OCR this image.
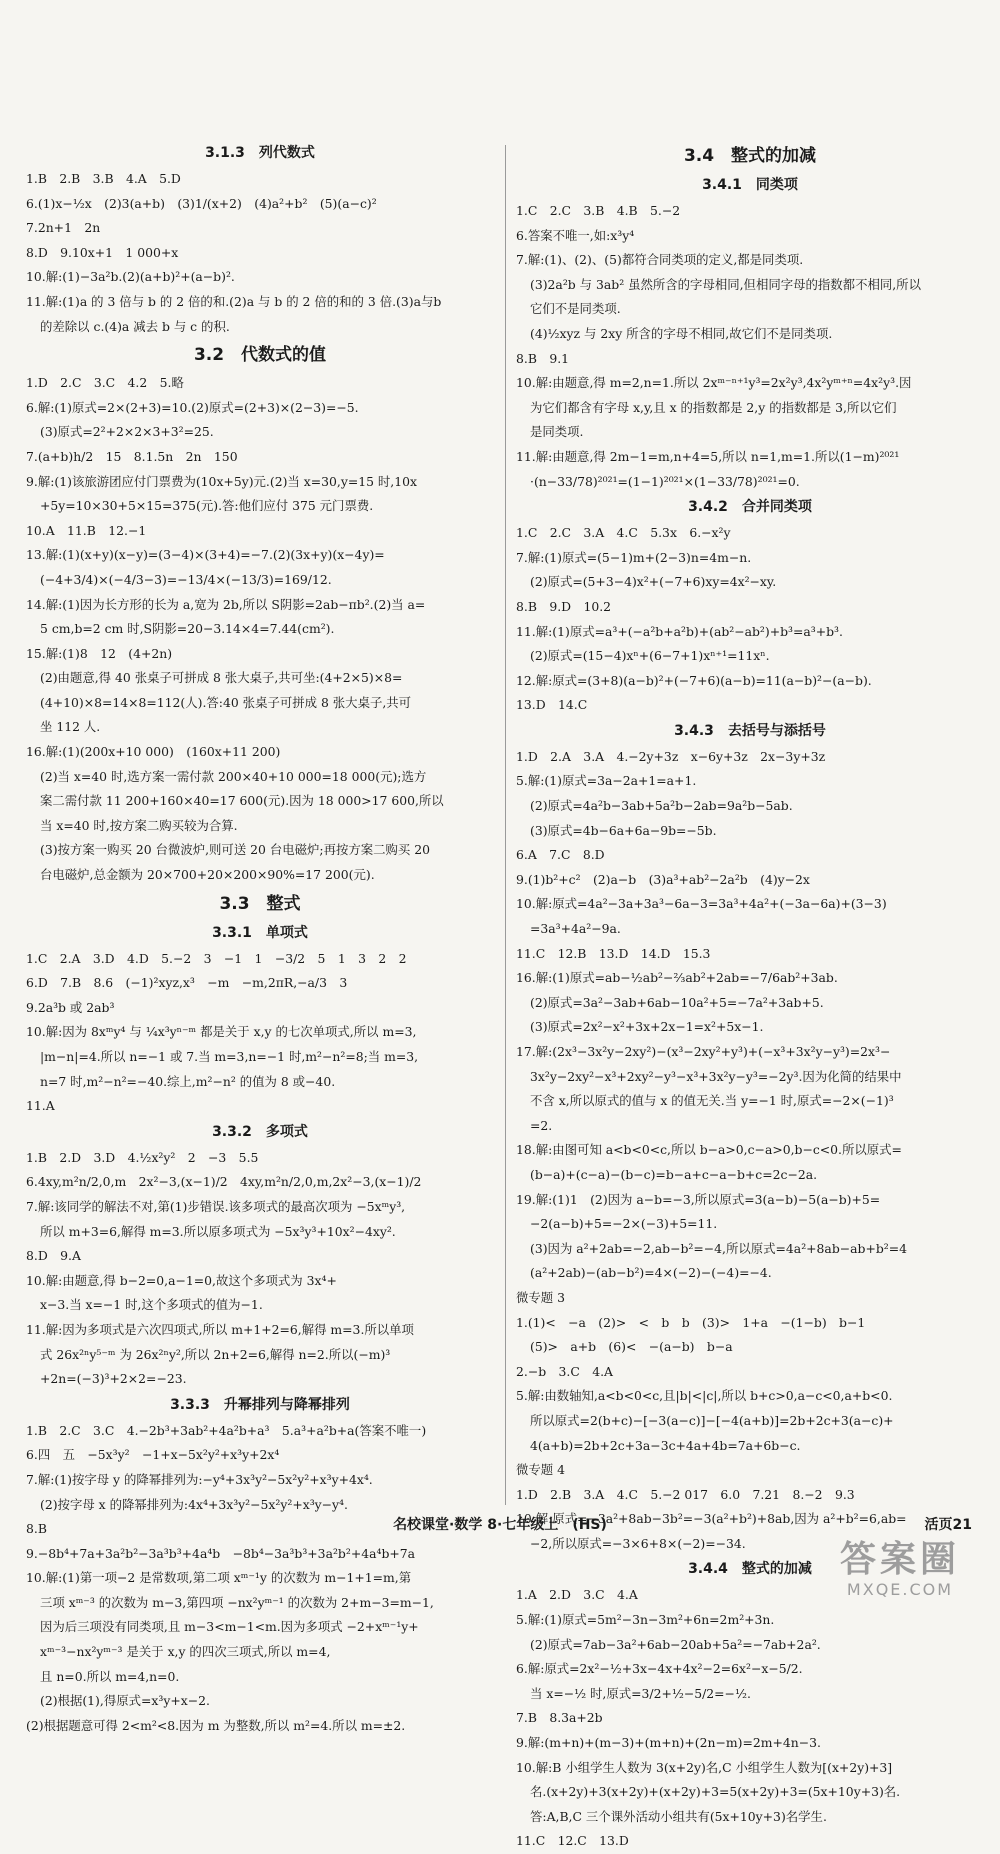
3.1.3　列代数式
1.B　2.B　3.B　4.A　5.D
6.(1)x−½x　(2)3(a+b)　(3)1/(x+2)　(4)a²+b²　(5)(a−c)²
7.2n+1　2n
8.D　9.10x+1　1 000+x
10.解:(1)−3a²b.(2)(a+b)²+(a−b)².
11.解:(1)a 的 3 倍与 b 的 2 倍的和.(2)a 与 b 的 2 倍的和的 3 倍.(3)a与b
的差除以 c.(4)a 减去 b 与 c 的积.
3.2　代数式的值
1.D　2.C　3.C　4.2　5.略
6.解:(1)原式=2×(2+3)=10.(2)原式=(2+3)×(2−3)=−5.
(3)原式=2²+2×2×3+3²=25.
7.(a+b)h/2　15　8.1.5n　2n　150
9.解:(1)该旅游团应付门票费为(10x+5y)元.(2)当 x=30,y=15 时,10x
+5y=10×30+5×15=375(元).答:他们应付 375 元门票费.
10.A　11.B　12.−1
13.解:(1)(x+y)(x−y)=(3−4)×(3+4)=−7.(2)(3x+y)(x−4y)=
(−4+3/4)×(−4/3−3)=−13/4×(−13/3)=169/12.
14.解:(1)因为长方形的长为 a,宽为 2b,所以 S阴影=2ab−πb².(2)当 a=
5 cm,b=2 cm 时,S阴影=20−3.14×4=7.44(cm²).
15.解:(1)8　12　(4+2n)
(2)由题意,得 40 张桌子可拼成 8 张大桌子,共可坐:(4+2×5)×8=
(4+10)×8=14×8=112(人).答:40 张桌子可拼成 8 张大桌子,共可
坐 112 人.
16.解:(1)(200x+10 000)　(160x+11 200)
(2)当 x=40 时,选方案一需付款 200×40+10 000=18 000(元);选方
案二需付款 11 200+160×40=17 600(元).因为 18 000>17 600,所以
当 x=40 时,按方案二购买较为合算.
(3)按方案一购买 20 台微波炉,则可送 20 台电磁炉;再按方案二购买 20
台电磁炉,总金额为 20×700+20×200×90%=17 200(元).
3.3　整式
3.3.1　单项式
1.C　2.A　3.D　4.D　5.−2　3　−1　1　−3/2　5　1　3　2　2
6.D　7.B　8.6　(−1)²xyz,x³　−m　−m,2πR,−a/3　3
9.2a³b 或 2ab³
10.解:因为 8xᵐy⁴ 与 ¼x³yⁿ⁻ᵐ 都是关于 x,y 的七次单项式,所以 m=3,
|m−n|=4.所以 n=−1 或 7.当 m=3,n=−1 时,m²−n²=8;当 m=3,
n=7 时,m²−n²=−40.综上,m²−n² 的值为 8 或−40.
11.A
3.3.2　多项式
1.B　2.D　3.D　4.½x²y²　2　−3　5.5
6.4xy,m²n/2,0,m　2x²−3,(x−1)/2　4xy,m²n/2,0,m,2x²−3,(x−1)/2
7.解:该同学的解法不对,第(1)步错误.该多项式的最高次项为 −5xᵐy³,
所以 m+3=6,解得 m=3.所以原多项式为 −5x³y³+10x²−4xy².
8.D　9.A
10.解:由题意,得 b−2=0,a−1=0,故这个多项式为 3x⁴+
x−3.当 x=−1 时,这个多项式的值为−1.
11.解:因为多项式是六次四项式,所以 m+1+2=6,解得 m=3.所以单项
式 26x²ⁿy⁵⁻ᵐ 为 26x²ⁿy²,所以 2n+2=6,解得 n=2.所以(−m)³
+2n=(−3)³+2×2=−23.
3.3.3　升幂排列与降幂排列
1.B　2.C　3.C　4.−2b³+3ab²+4a²b+a³　5.a³+a²b+a(答案不唯一)
6.四　五　−5x³y²　−1+x−5x²y²+x³y+2x⁴
7.解:(1)按字母 y 的降幂排列为:−y⁴+3x³y²−5x²y²+x³y+4x⁴.
(2)按字母 x 的降幂排列为:4x⁴+3x³y²−5x²y²+x³y−y⁴.
8.B
9.−8b⁴+7a+3a²b²−3a³b³+4a⁴b　−8b⁴−3a³b³+3a²b²+4a⁴b+7a
10.解:(1)第一项−2 是常数项,第二项 xᵐ⁻¹y 的次数为 m−1+1=m,第
三项 xᵐ⁻³ 的次数为 m−3,第四项 −nx²yᵐ⁻¹ 的次数为 2+m−3=m−1,
因为后三项没有同类项,且 m−3<m−1<m.因为多项式 −2+xᵐ⁻¹y+
xᵐ⁻³−nx²yᵐ⁻³ 是关于 x,y 的四次三项式,所以 m=4,
且 n=0.所以 m=4,n=0.
(2)根据(1),得原式=x³y+x−2.
(2)根据题意可得 2<m²<8.因为 m 为整数,所以 m²=4.所以 m=±2.
3.4　整式的加减
3.4.1　同类项
1.C　2.C　3.B　4.B　5.−2
6.答案不唯一,如:x³y⁴
7.解:(1)、(2)、(5)都符合同类项的定义,都是同类项.
(3)2a²b 与 3ab² 虽然所含的字母相同,但相同字母的指数都不相同,所以
它们不是同类项.
(4)½xyz 与 2xy 所含的字母不相同,故它们不是同类项.
8.B　9.1
10.解:由题意,得 m=2,n=1.所以 2xᵐ⁻ⁿ⁺¹y³=2x²y³,4x²yᵐ⁺ⁿ=4x²y³.因
为它们都含有字母 x,y,且 x 的指数都是 2,y 的指数都是 3,所以它们
是同类项.
11.解:由题意,得 2m−1=m,n+4=5,所以 n=1,m=1.所以(1−m)²⁰²¹
·(n−33/78)²⁰²¹=(1−1)²⁰²¹×(1−33/78)²⁰²¹=0.
3.4.2　合并同类项
1.C　2.C　3.A　4.C　5.3x　6.−x²y
7.解:(1)原式=(5−1)m+(2−3)n=4m−n.
(2)原式=(5+3−4)x²+(−7+6)xy=4x²−xy.
8.B　9.D　10.2
11.解:(1)原式=a³+(−a²b+a²b)+(ab²−ab²)+b³=a³+b³.
(2)原式=(15−4)xⁿ+(6−7+1)xⁿ⁺¹=11xⁿ.
12.解:原式=(3+8)(a−b)²+(−7+6)(a−b)=11(a−b)²−(a−b).
13.D　14.C
3.4.3　去括号与添括号
1.D　2.A　3.A　4.−2y+3z　x−6y+3z　2x−3y+3z
5.解:(1)原式=3a−2a+1=a+1.
(2)原式=4a²b−3ab+5a²b−2ab=9a²b−5ab.
(3)原式=4b−6a+6a−9b=−5b.
6.A　7.C　8.D
9.(1)b²+c²　(2)a−b　(3)a³+ab²−2a²b　(4)y−2x
10.解:原式=4a²−3a+3a³−6a−3=3a³+4a²+(−3a−6a)+(3−3)
=3a³+4a²−9a.
11.C　12.B　13.D　14.D　15.3
16.解:(1)原式=ab−½ab²−⅔ab²+2ab=−7/6ab²+3ab.
(2)原式=3a²−3ab+6ab−10a²+5=−7a²+3ab+5.
(3)原式=2x²−x²+3x+2x−1=x²+5x−1.
17.解:(2x³−3x²y−2xy²)−(x³−2xy²+y³)+(−x³+3x²y−y³)=2x³−
3x²y−2xy²−x³+2xy²−y³−x³+3x²y−y³=−2y³.因为化简的结果中
不含 x,所以原式的值与 x 的值无关.当 y=−1 时,原式=−2×(−1)³
=2.
18.解:由图可知 a<b<0<c,所以 b−a>0,c−a>0,b−c<0.所以原式=
(b−a)+(c−a)−(b−c)=b−a+c−a−b+c=2c−2a.
19.解:(1)1　(2)因为 a−b=−3,所以原式=3(a−b)−5(a−b)+5=
−2(a−b)+5=−2×(−3)+5=11.
(3)因为 a²+2ab=−2,ab−b²=−4,所以原式=4a²+8ab−ab+b²=4
(a²+2ab)−(ab−b²)=4×(−2)−(−4)=−4.
微专题 3
1.(1)<　−a　(2)>　<　b　b　(3)>　1+a　−(1−b)　b−1
(5)>　a+b　(6)<　−(a−b)　b−a
2.−b　3.C　4.A
5.解:由数轴知,a<b<0<c,且|b|<|c|,所以 b+c>0,a−c<0,a+b<0.
所以原式=2(b+c)−[−3(a−c)]−[−4(a+b)]=2b+2c+3(a−c)+
4(a+b)=2b+2c+3a−3c+4a+4b=7a+6b−c.
微专题 4
1.D　2.B　3.A　4.C　5.−2 017　6.0　7.21　8.−2　9.3
10.解:原式=−3a²+8ab−3b²=−3(a²+b²)+8ab,因为 a²+b²=6,ab=
−2,所以原式=−3×6+8×(−2)=−34.
3.4.4　整式的加减
1.A　2.D　3.C　4.A
5.解:(1)原式=5m²−3n−3m²+6n=2m²+3n.
(2)原式=7ab−3a²+6ab−20ab+5a²=−7ab+2a².
6.解:原式=2x²−½+3x−4x+4x²−2=6x²−x−5/2.
当 x=−½ 时,原式=3/2+½−5/2=−½.
7.B　8.3a+2b
9.解:(m+n)+(m−3)+(m+n)+(2n−m)=2m+4n−3.
10.解:B 小组学生人数为 3(x+2y)名,C 小组学生人数为[(x+2y)+3]
名.(x+2y)+3(x+2y)+(x+2y)+3=5(x+2y)+3=(5x+10y+3)名.
答:A,B,C 三个课外活动小组共有(5x+10y+3)名学生.
11.C　12.C　13.D
名校课堂·数学 8·七年级上　(HS)	活页21
答案圈
MXQE.COM
